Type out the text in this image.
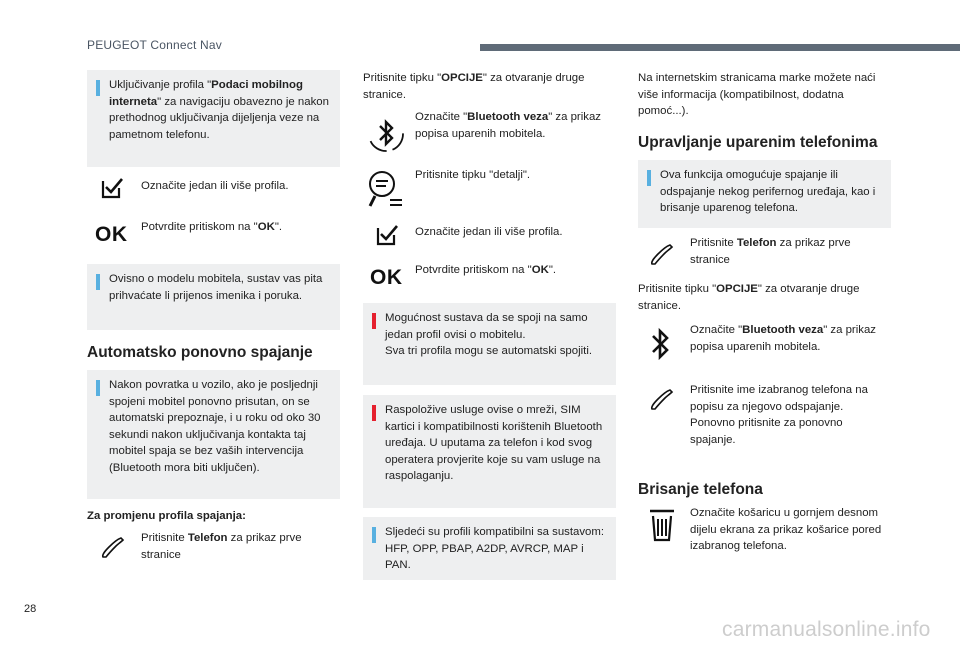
PEUGEOT Connect Nav
Uključivanje profila "Podaci mobilnog interneta" za navigaciju obavezno je nakon prethodnog uključivanja dijeljenja veze na pametnom telefonu.
Označite jedan ili više profila.
OK Potvrdite pritiskom na "OK".
Ovisno o modelu mobitela, sustav vas pita prihvaćate li prijenos imenika i poruka.
Automatsko ponovno spajanje
Nakon povratka u vozilo, ako je posljednji spojeni mobitel ponovno prisutan, on se automatski prepoznaje, i u roku od oko 30 sekundi nakon uključivanja kontakta taj mobitel spaja se bez vaših intervencija (Bluetooth mora biti uključen).
Za promjenu profila spajanja:
Pritisnite Telefon za prikaz prve stranice
Pritisnite tipku "OPCIJE" za otvaranje druge stranice.
Označite "Bluetooth veza" za prikaz popisa uparenih mobitela.
Pritisnite tipku "detalji".
Označite jedan ili više profila.
OK Potvrdite pritiskom na "OK".
Mogućnost sustava da se spoji na samo jedan profil ovisi o mobitelu.
Sva tri profila mogu se automatski spojiti.
Raspoložive usluge ovise o mreži, SIM kartici i kompatibilnosti korištenih Bluetooth uređaja. U uputama za telefon i kod svog operatera provjerite koje su vam usluge na raspolaganju.
Sljedeći su profili kompatibilni sa sustavom: HFP, OPP, PBAP, A2DP, AVRCP, MAP i PAN.
Na internetskim stranicama marke možete naći više informacija (kompatibilnost, dodatna pomoć...).
Upravljanje uparenim telefonima
Ova funkcija omogućuje spajanje ili odspajanje nekog perifernog uređaja, kao i brisanje uparenog telefona.
Pritisnite Telefon za prikaz prve stranice
Pritisnite tipku "OPCIJE" za otvaranje druge stranice.
Označite "Bluetooth veza" za prikaz popisa uparenih mobitela.
Pritisnite ime izabranog telefona na popisu za njegovo odspajanje.
Ponovno pritisnite za ponovno spajanje.
Brisanje telefona
Označite košaricu u gornjem desnom dijelu ekrana za prikaz košarice pored izabranog telefona.
28
carmanualsonline.info
